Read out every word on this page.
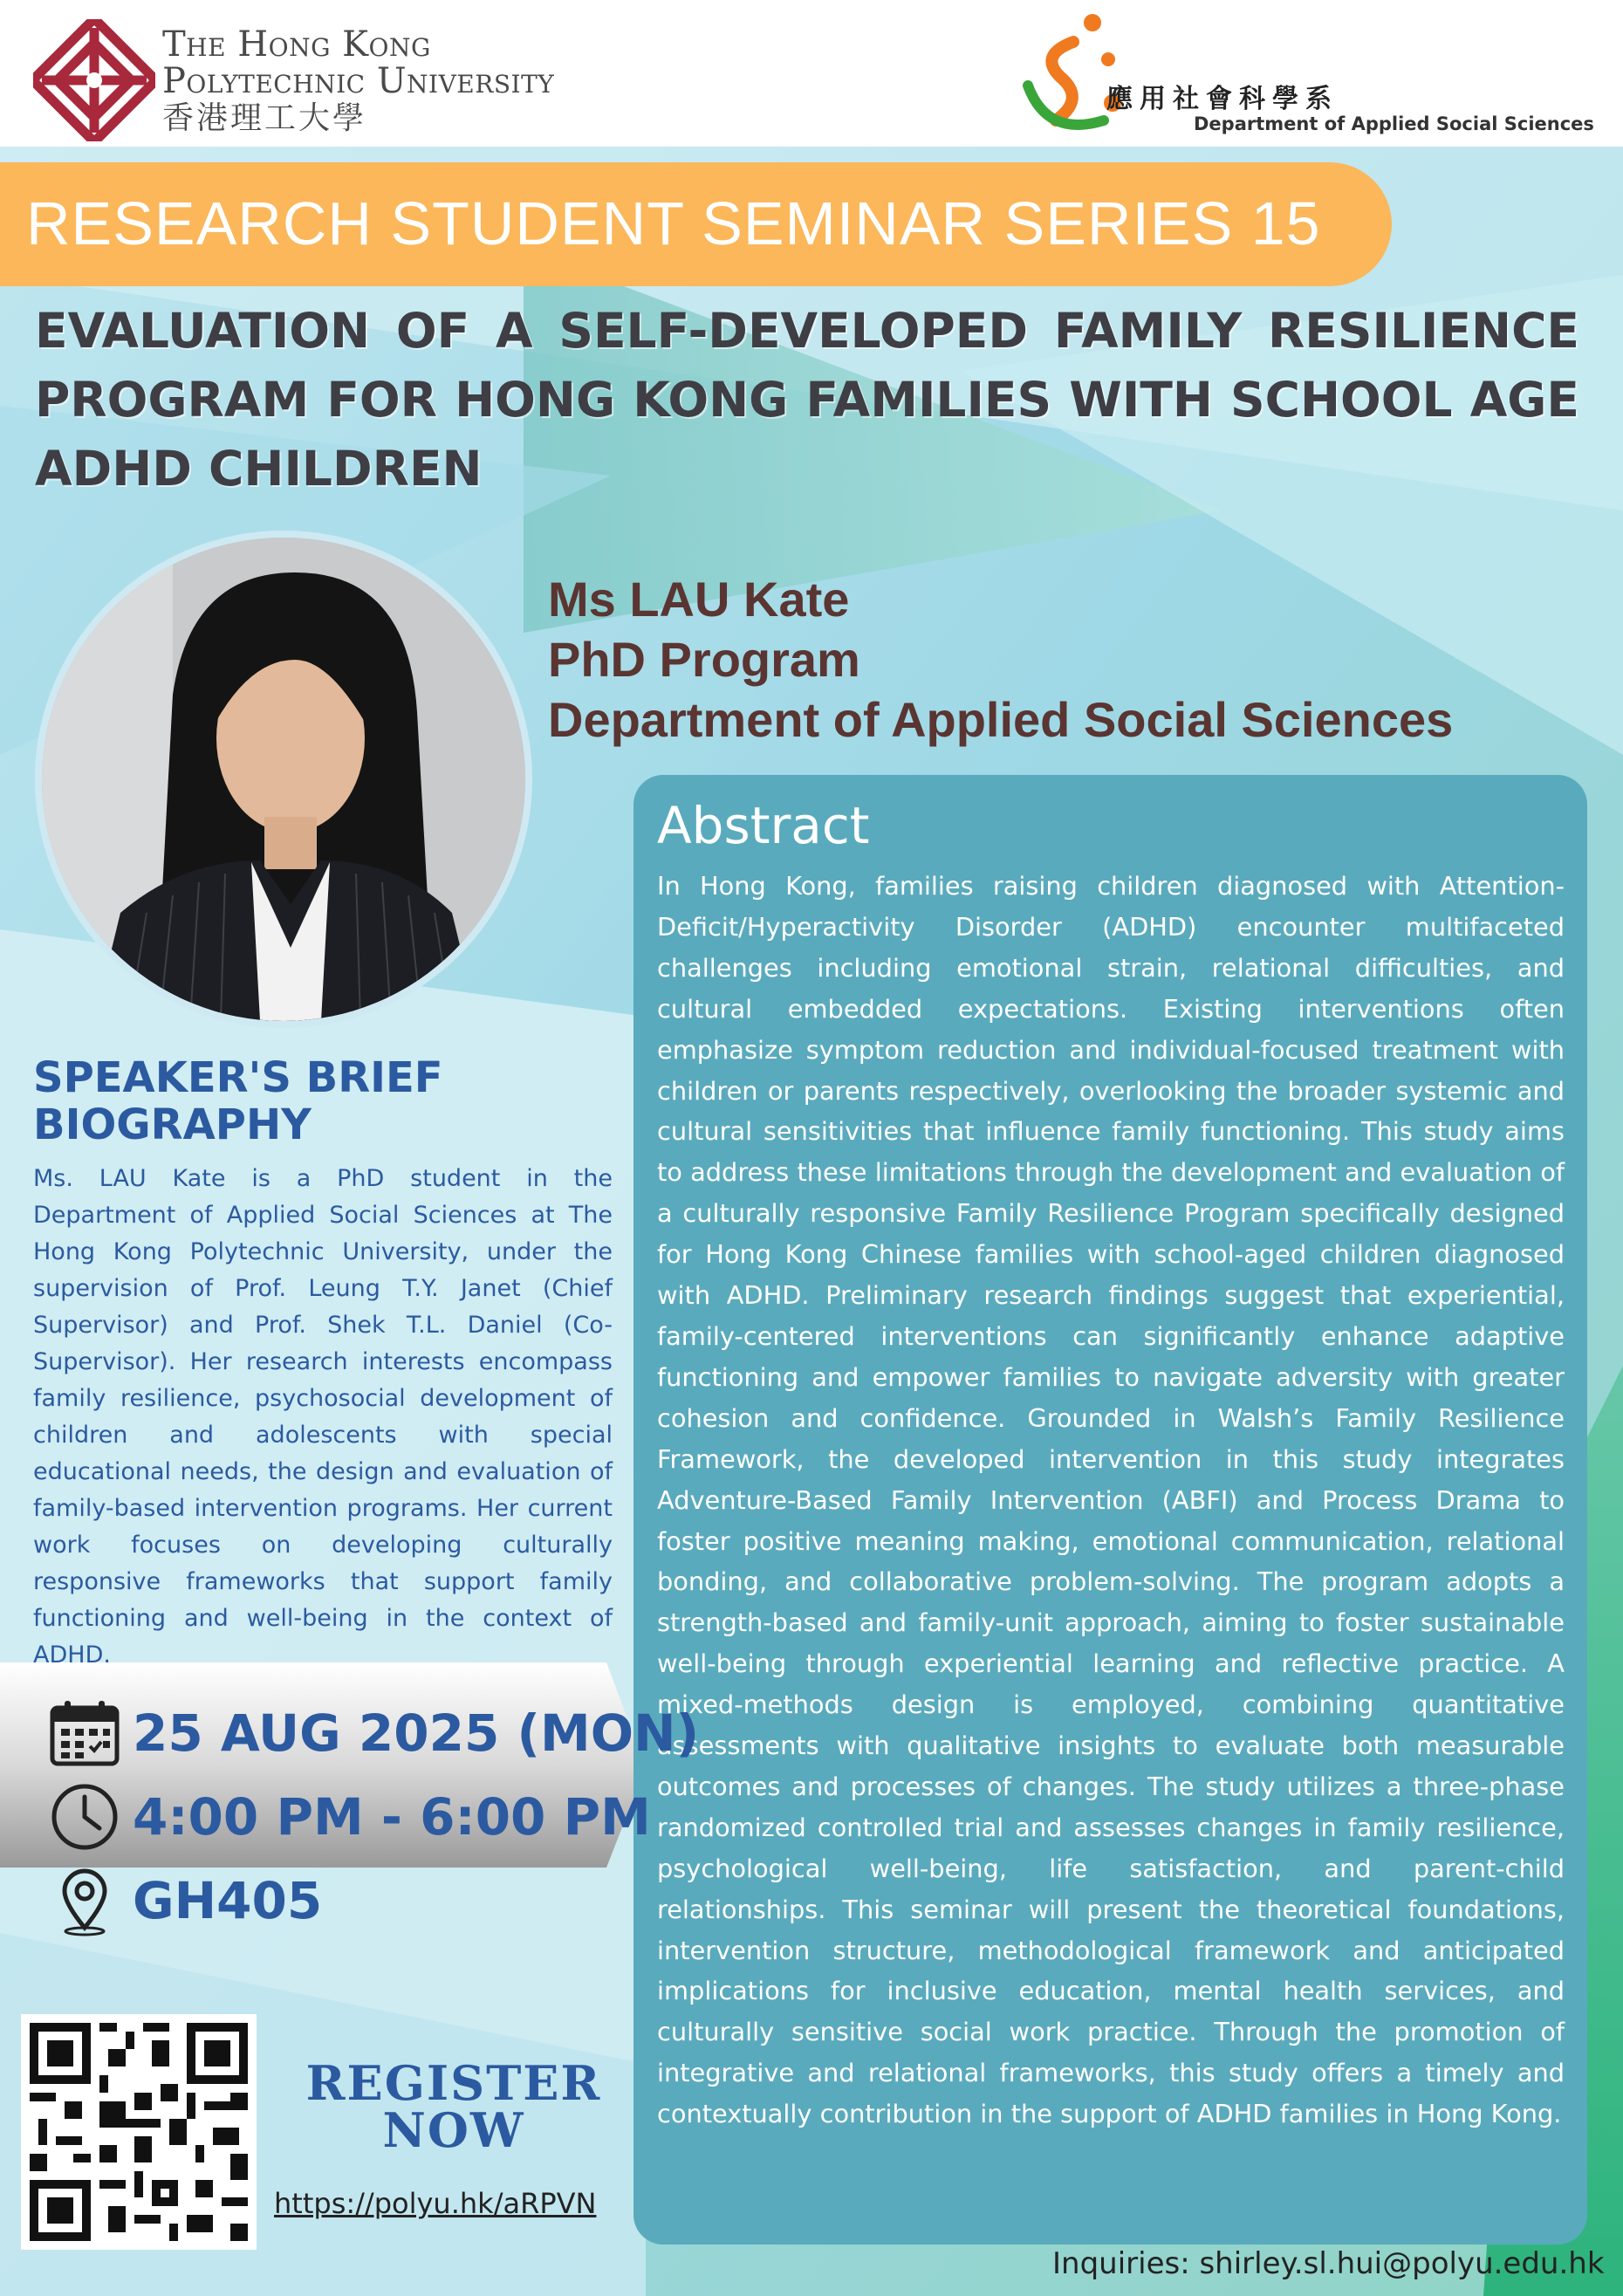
The Hong Kong
Polytechnic University
香港理工大學
應用社會科學系
Department of Applied Social Sciences
RESEARCH STUDENT SEMINAR SERIES 15
EVALUATION OF A SELF-DEVELOPED FAMILY RESILIENCE PROGRAM FOR HONG KONG FAMILIES WITH SCHOOL AGE ADHD CHILDREN
Ms LAU Kate
PhD Program
Department of Applied Social Sciences
SPEAKER'S BRIEF BIOGRAPHY
Ms. LAU Kate is a PhD student in the Department of Applied Social Sciences at The Hong Kong Polytechnic University, under the supervision of Prof. Leung T.Y. Janet (Chief Supervisor) and Prof. Shek T.L. Daniel (Co-Supervisor). Her research interests encompass family resilience, psychosocial development of children and adolescents with special educational needs, the design and evaluation of family-based intervention programs. Her current work focuses on developing culturally responsive frameworks that support family functioning and well-being in the context of ADHD.
Abstract
In Hong Kong, families raising children diagnosed with Attention-Deficit/Hyperactivity Disorder (ADHD) encounter multifaceted challenges including emotional strain, relational difficulties, and cultural embedded expectations. Existing interventions often emphasize symptom reduction and individual-focused treatment with children or parents respectively, overlooking the broader systemic and cultural sensitivities that influence family functioning. This study aims to address these limitations through the development and evaluation of a culturally responsive Family Resilience Program specifically designed for Hong Kong Chinese families with school-aged children diagnosed with ADHD. Preliminary research findings suggest that experiential, family-centered interventions can significantly enhance adaptive functioning and empower families to navigate adversity with greater cohesion and confidence. Grounded in Walsh’s Family Resilience Framework, the developed intervention in this study integrates Adventure-Based Family Intervention (ABFI) and Process Drama to foster positive meaning making, emotional communication, relational bonding, and collaborative problem-solving. The program adopts a strength-based and family-unit approach, aiming to foster sustainable well-being through experiential learning and reflective practice. A mixed-methods design is employed, combining quantitative assessments with qualitative insights to evaluate both measurable outcomes and processes of changes. The study utilizes a three-phase randomized controlled trial and assesses changes in family resilience, psychological well-being, life satisfaction, and parent-child relationships. This seminar will present the theoretical foundations, intervention structure, methodological framework and anticipated implications for inclusive education, mental health services, and culturally sensitive social work practice. Through the promotion of integrative and relational frameworks, this study offers a timely and contextually contribution in the support of ADHD families in Hong Kong.
25 AUG 2025 (MON)
4:00 PM - 6:00 PM
GH405
REGISTER
NOW
https://polyu.hk/aRPVN
Inquiries: shirley.sl.hui@polyu.edu.hk
